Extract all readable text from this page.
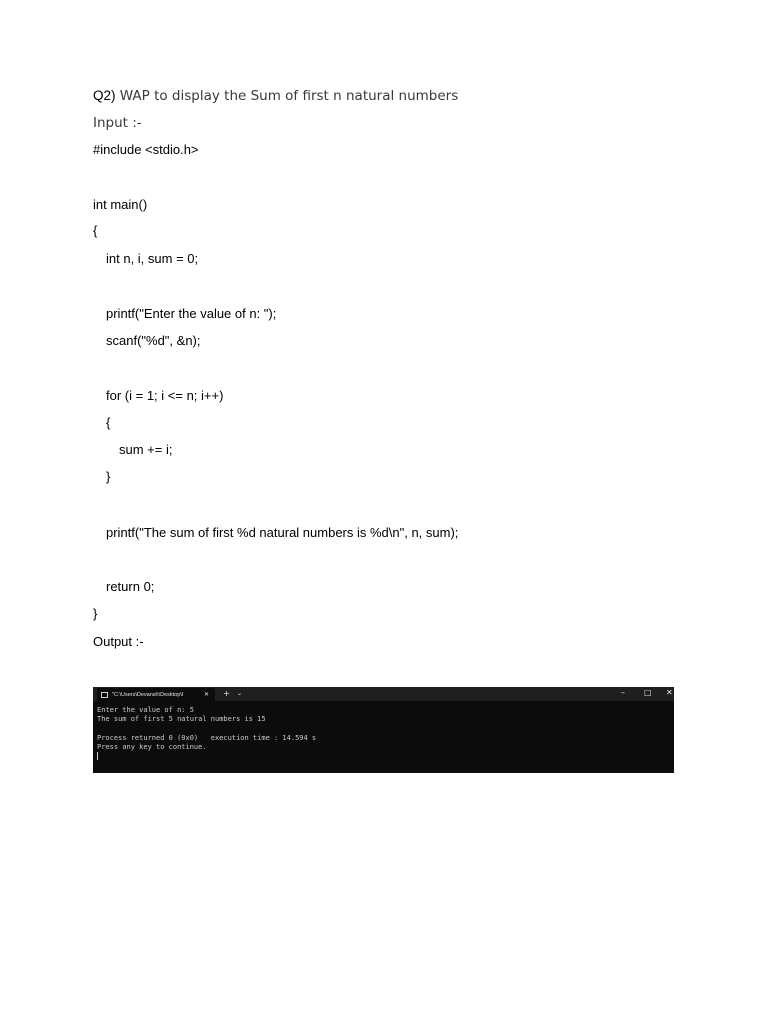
Q2) WAP to display the Sum of first n natural numbers
Input :-
#include <stdio.h>
int main()
{
int n, i, sum = 0;
printf("Enter the value of n: ");
scanf("%d", &n);
for (i = 1; i <= n; i++)
{
sum += i;
}
printf("The sum of first %d natural numbers is %d\n", n, sum);
return 0;
}
Output :-
"C:\Users\Devansh\Desktop\I	✕ + ⌄	– □ ✕
Enter the value of n: 5
The sum of first 5 natural numbers is 15

Process returned 0 (0x0)   execution time : 14.594 s
Press any key to continue.
